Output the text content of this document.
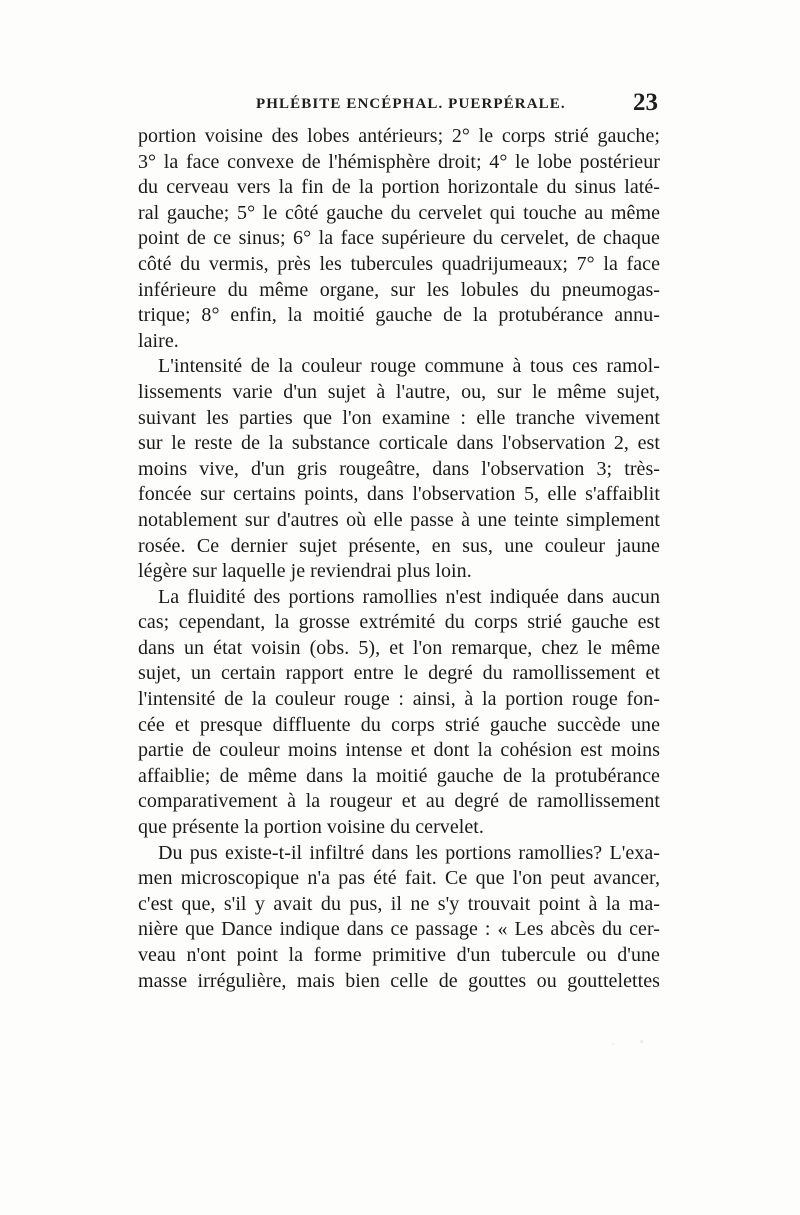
PHLÉBITE ENCÉPHAL. PUERPÉRALE.	23
portion voisine des lobes antérieurs; 2° le corps strié gauche;
3° la face convexe de l'hémisphère droit; 4° le lobe postérieur
du cerveau vers la fin de la portion horizontale du sinus laté-
ral gauche; 5° le côté gauche du cervelet qui touche au même
point de ce sinus; 6° la face supérieure du cervelet, de chaque
côté du vermis, près les tubercules quadrijumeaux; 7° la face
inférieure du même organe, sur les lobules du pneumogas-
trique; 8° enfin, la moitié gauche de la protubérance annu-
laire.
L'intensité de la couleur rouge commune à tous ces ramol-
lissements varie d'un sujet à l'autre, ou, sur le même sujet,
suivant les parties que l'on examine : elle tranche vivement
sur le reste de la substance corticale dans l'observation 2, est
moins vive, d'un gris rougeâtre, dans l'observation 3; très-
foncée sur certains points, dans l'observation 5, elle s'affaiblit
notablement sur d'autres où elle passe à une teinte simplement
rosée. Ce dernier sujet présente, en sus, une couleur jaune
légère sur laquelle je reviendrai plus loin.
La fluidité des portions ramollies n'est indiquée dans aucun
cas; cependant, la grosse extrémité du corps strié gauche est
dans un état voisin (obs. 5), et l'on remarque, chez le même
sujet, un certain rapport entre le degré du ramollissement et
l'intensité de la couleur rouge : ainsi, à la portion rouge fon-
cée et presque diffluente du corps strié gauche succède une
partie de couleur moins intense et dont la cohésion est moins
affaiblie; de même dans la moitié gauche de la protubérance
comparativement à la rougeur et au degré de ramollissement
que présente la portion voisine du cervelet.
Du pus existe-t-il infiltré dans les portions ramollies? L'exa-
men microscopique n'a pas été fait. Ce que l'on peut avancer,
c'est que, s'il y avait du pus, il ne s'y trouvait point à la ma-
nière que Dance indique dans ce passage : « Les abcès du cer-
veau n'ont point la forme primitive d'un tubercule ou d'une
masse irrégulière, mais bien celle de gouttes ou gouttelettes
